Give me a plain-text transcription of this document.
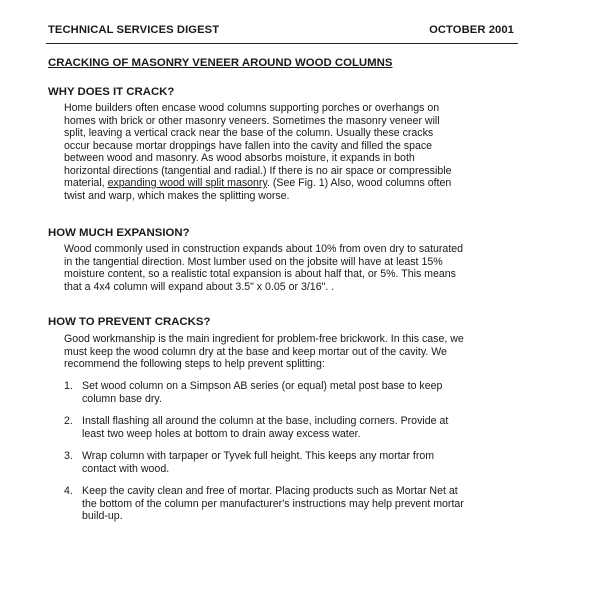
TECHNICAL SERVICES DIGEST	OCTOBER 2001
CRACKING OF MASONRY VENEER AROUND WOOD COLUMNS
WHY DOES IT CRACK?
Home builders often encase wood columns supporting porches or overhangs on
homes with brick or other masonry veneers. Sometimes the masonry veneer will
split, leaving a vertical crack near the base of the column. Usually these cracks
occur because mortar droppings have fallen into the cavity and filled the space
between wood and masonry. As wood absorbs moisture, it expands in both
horizontal directions (tangential and radial.) If there is no air space or compressible
material, expanding wood will split masonry. (See Fig. 1) Also, wood columns often
twist and warp, which makes the splitting worse.
HOW MUCH EXPANSION?
Wood commonly used in construction expands about 10% from oven dry to saturated
in the tangential direction. Most lumber used on the jobsite will have at least 15%
moisture content, so a realistic total expansion is about half that, or 5%. This means
that a 4x4 column will expand about 3.5" x 0.05 or 3/16". .
HOW TO PREVENT CRACKS?
Good workmanship is the main ingredient for problem-free brickwork. In this case, we
must keep the wood column dry at the base and keep mortar out of the cavity. We
recommend the following steps to help prevent splitting:
1. Set wood column on a Simpson AB series (or equal) metal post base to keep
column base dry.
2. Install flashing all around the column at the base, including corners. Provide at
least two weep holes at bottom to drain away excess water.
3. Wrap column with tarpaper or Tyvek full height. This keeps any mortar from
contact with wood.
4. Keep the cavity clean and free of mortar. Placing products such as Mortar Net at
the bottom of the column per manufacturer's instructions may help prevent mortar
build-up.
